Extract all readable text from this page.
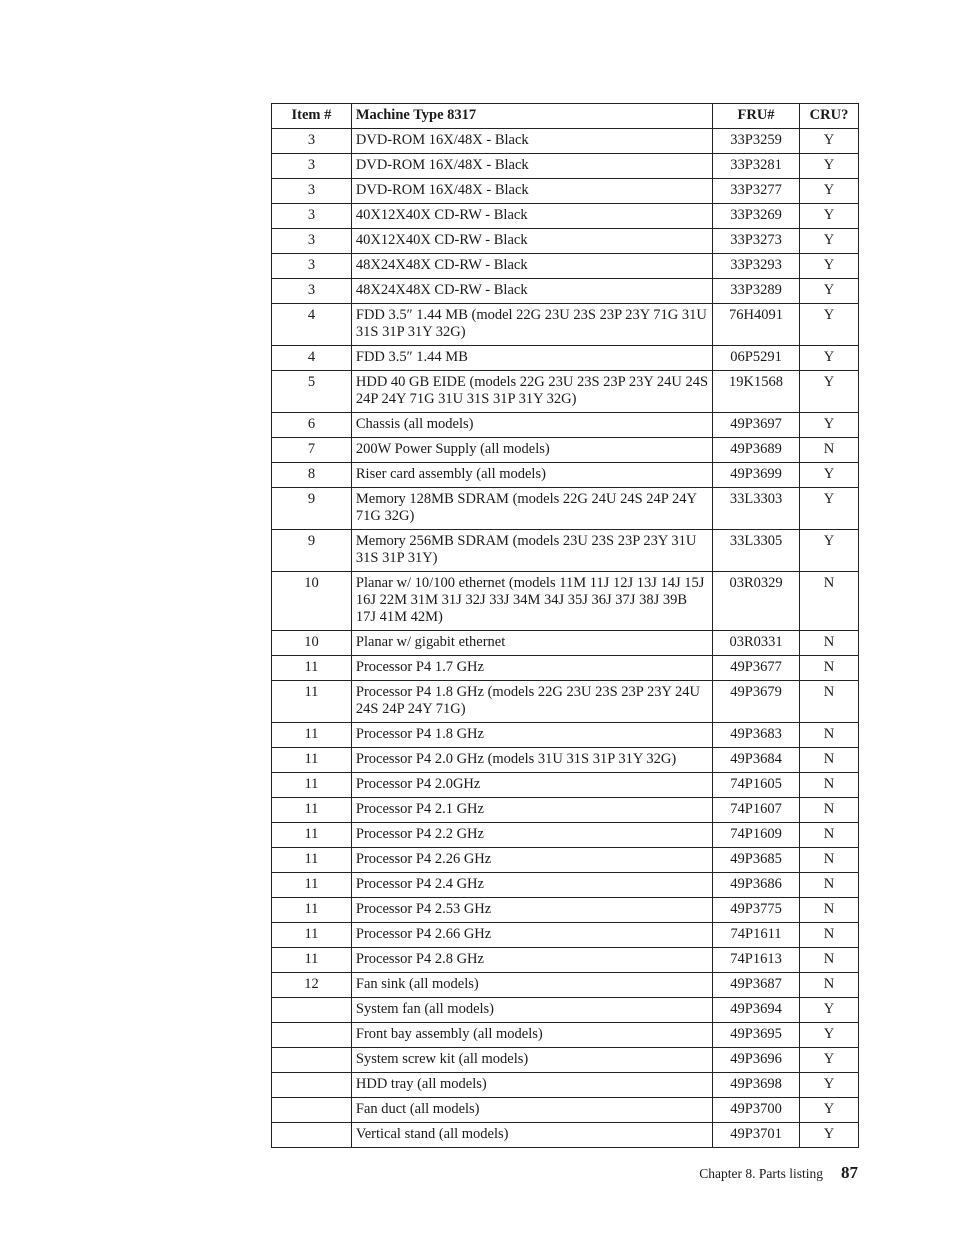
Item #	Machine Type 8317	FRU#	CRU?
3	DVD-ROM 16X/48X - Black	33P3259	Y
3	DVD-ROM 16X/48X - Black	33P3281	Y
3	DVD-ROM 16X/48X - Black	33P3277	Y
3	40X12X40X CD-RW - Black	33P3269	Y
3	40X12X40X CD-RW - Black	33P3273	Y
3	48X24X48X CD-RW - Black	33P3293	Y
3	48X24X48X CD-RW - Black	33P3289	Y
4	FDD 3.5″ 1.44 MB (model 22G 23U 23S 23P 23Y 71G 31U 31S 31P 31Y 32G)	76H4091	Y
4	FDD 3.5″ 1.44 MB	06P5291	Y
5	HDD 40 GB EIDE (models 22G 23U 23S 23P 23Y 24U 24S 24P 24Y 71G 31U 31S 31P 31Y 32G)	19K1568	Y
6	Chassis (all models)	49P3697	Y
7	200W Power Supply (all models)	49P3689	N
8	Riser card assembly (all models)	49P3699	Y
9	Memory 128MB SDRAM (models 22G 24U 24S 24P 24Y 71G 32G)	33L3303	Y
9	Memory 256MB SDRAM (models 23U 23S 23P 23Y 31U 31S 31P 31Y)	33L3305	Y
10	Planar w/ 10/100 ethernet (models 11M 11J 12J 13J 14J 15J 16J 22M 31M 31J 32J 33J 34M 34J 35J 36J 37J 38J 39B 17J 41M 42M)	03R0329	N
10	Planar w/ gigabit ethernet	03R0331	N
11	Processor P4 1.7 GHz	49P3677	N
11	Processor P4 1.8 GHz (models 22G 23U 23S 23P 23Y 24U 24S 24P 24Y 71G)	49P3679	N
11	Processor P4 1.8 GHz	49P3683	N
11	Processor P4 2.0 GHz (models 31U 31S 31P 31Y 32G)	49P3684	N
11	Processor P4 2.0GHz	74P1605	N
11	Processor P4 2.1 GHz	74P1607	N
11	Processor P4 2.2 GHz	74P1609	N
11	Processor P4 2.26 GHz	49P3685	N
11	Processor P4 2.4 GHz	49P3686	N
11	Processor P4 2.53 GHz	49P3775	N
11	Processor P4 2.66 GHz	74P1611	N
11	Processor P4 2.8 GHz	74P1613	N
12	Fan sink (all models)	49P3687	N
	System fan (all models)	49P3694	Y
	Front bay assembly (all models)	49P3695	Y
	System screw kit (all models)	49P3696	Y
	HDD tray (all models)	49P3698	Y
	Fan duct (all models)	49P3700	Y
	Vertical stand (all models)	49P3701	Y
Chapter 8. Parts listing 87
